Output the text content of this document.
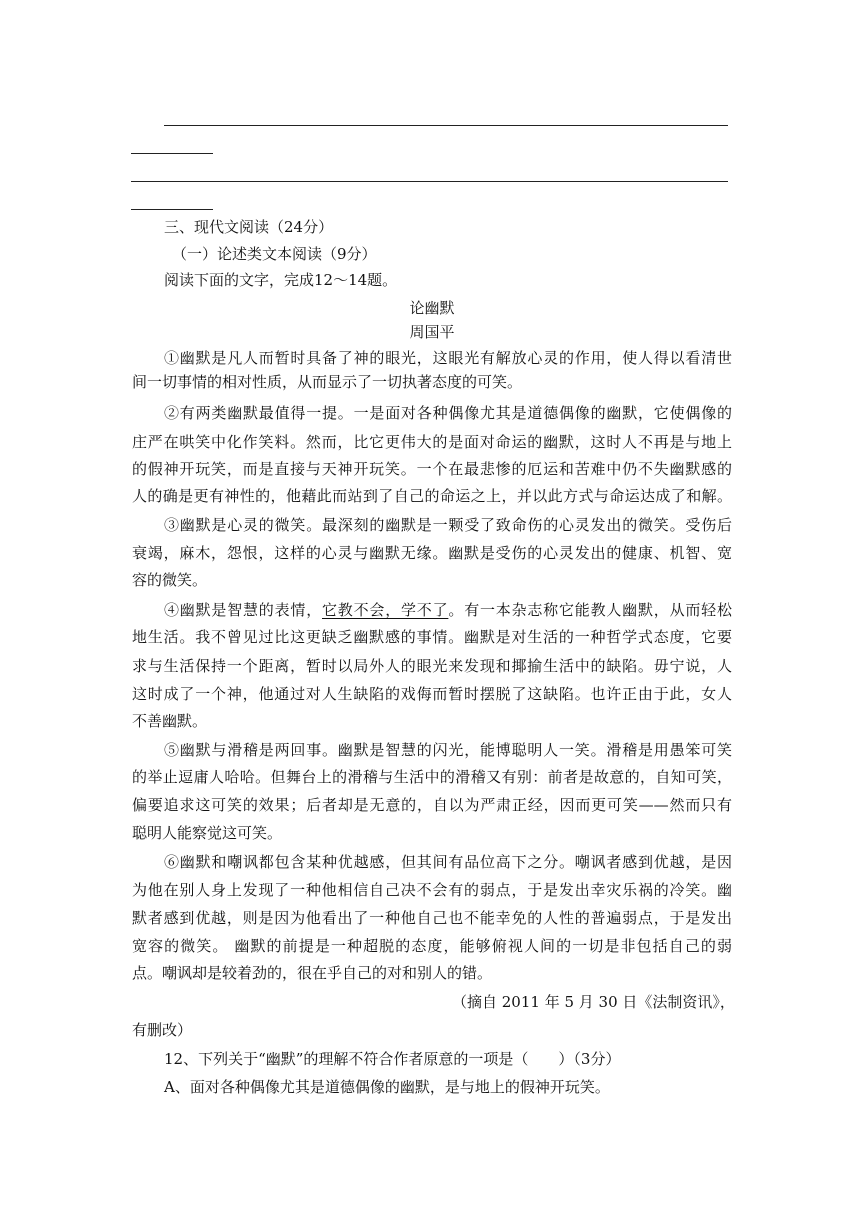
三、现代文阅读（24分）
（一）论述类文本阅读（9分）
阅读下面的文字，完成12～14题。
论幽默
周国平
①幽默是凡人而暂时具备了神的眼光，这眼光有解放心灵的作用，使人得以看清世
间一切事情的相对性质，从而显示了一切执著态度的可笑。
②有两类幽默最值得一提。一是面对各种偶像尤其是道德偶像的幽默，它使偶像的
庄严在哄笑中化作笑料。然而，比它更伟大的是面对命运的幽默，这时人不再是与地上
的假神开玩笑，而是直接与天神开玩笑。一个在最悲惨的厄运和苦难中仍不失幽默感的
人的确是更有神性的，他藉此而站到了自己的命运之上，并以此方式与命运达成了和解。
③幽默是心灵的微笑。最深刻的幽默是一颗受了致命伤的心灵发出的微笑。受伤后
衰竭，麻木，怨恨，这样的心灵与幽默无缘。幽默是受伤的心灵发出的健康、机智、宽
容的微笑。
④幽默是智慧的表情，它教不会，学不了。有一本杂志称它能教人幽默，从而轻松
地生活。我不曾见过比这更缺乏幽默感的事情。幽默是对生活的一种哲学式态度，它要
求与生活保持一个距离，暂时以局外人的眼光来发现和揶揄生活中的缺陷。毋宁说，人
这时成了一个神，他通过对人生缺陷的戏侮而暂时摆脱了这缺陷。也许正由于此，女人
不善幽默。
⑤幽默与滑稽是两回事。幽默是智慧的闪光，能博聪明人一笑。滑稽是用愚笨可笑
的举止逗庸人哈哈。但舞台上的滑稽与生活中的滑稽又有别：前者是故意的，自知可笑，
偏要追求这可笑的效果；后者却是无意的，自以为严肃正经，因而更可笑——然而只有
聪明人能察觉这可笑。
⑥幽默和嘲讽都包含某种优越感，但其间有品位高下之分。嘲讽者感到优越，是因
为他在别人身上发现了一种他相信自己决不会有的弱点，于是发出幸灾乐祸的冷笑。幽
默者感到优越，则是因为他看出了一种他自己也不能幸免的人性的普遍弱点，于是发出
宽容的微笑。 幽默的前提是一种超脱的态度，能够俯视人间的一切是非包括自己的弱
点。嘲讽却是较着劲的，很在乎自己的对和别人的错。
（摘自 2011 年 5 月 30 日《法制资讯》，
有删改）
12、下列关于“幽默”的理解不符合作者原意的一项是（　　）（3分）
A、面对各种偶像尤其是道德偶像的幽默，是与地上的假神开玩笑。
